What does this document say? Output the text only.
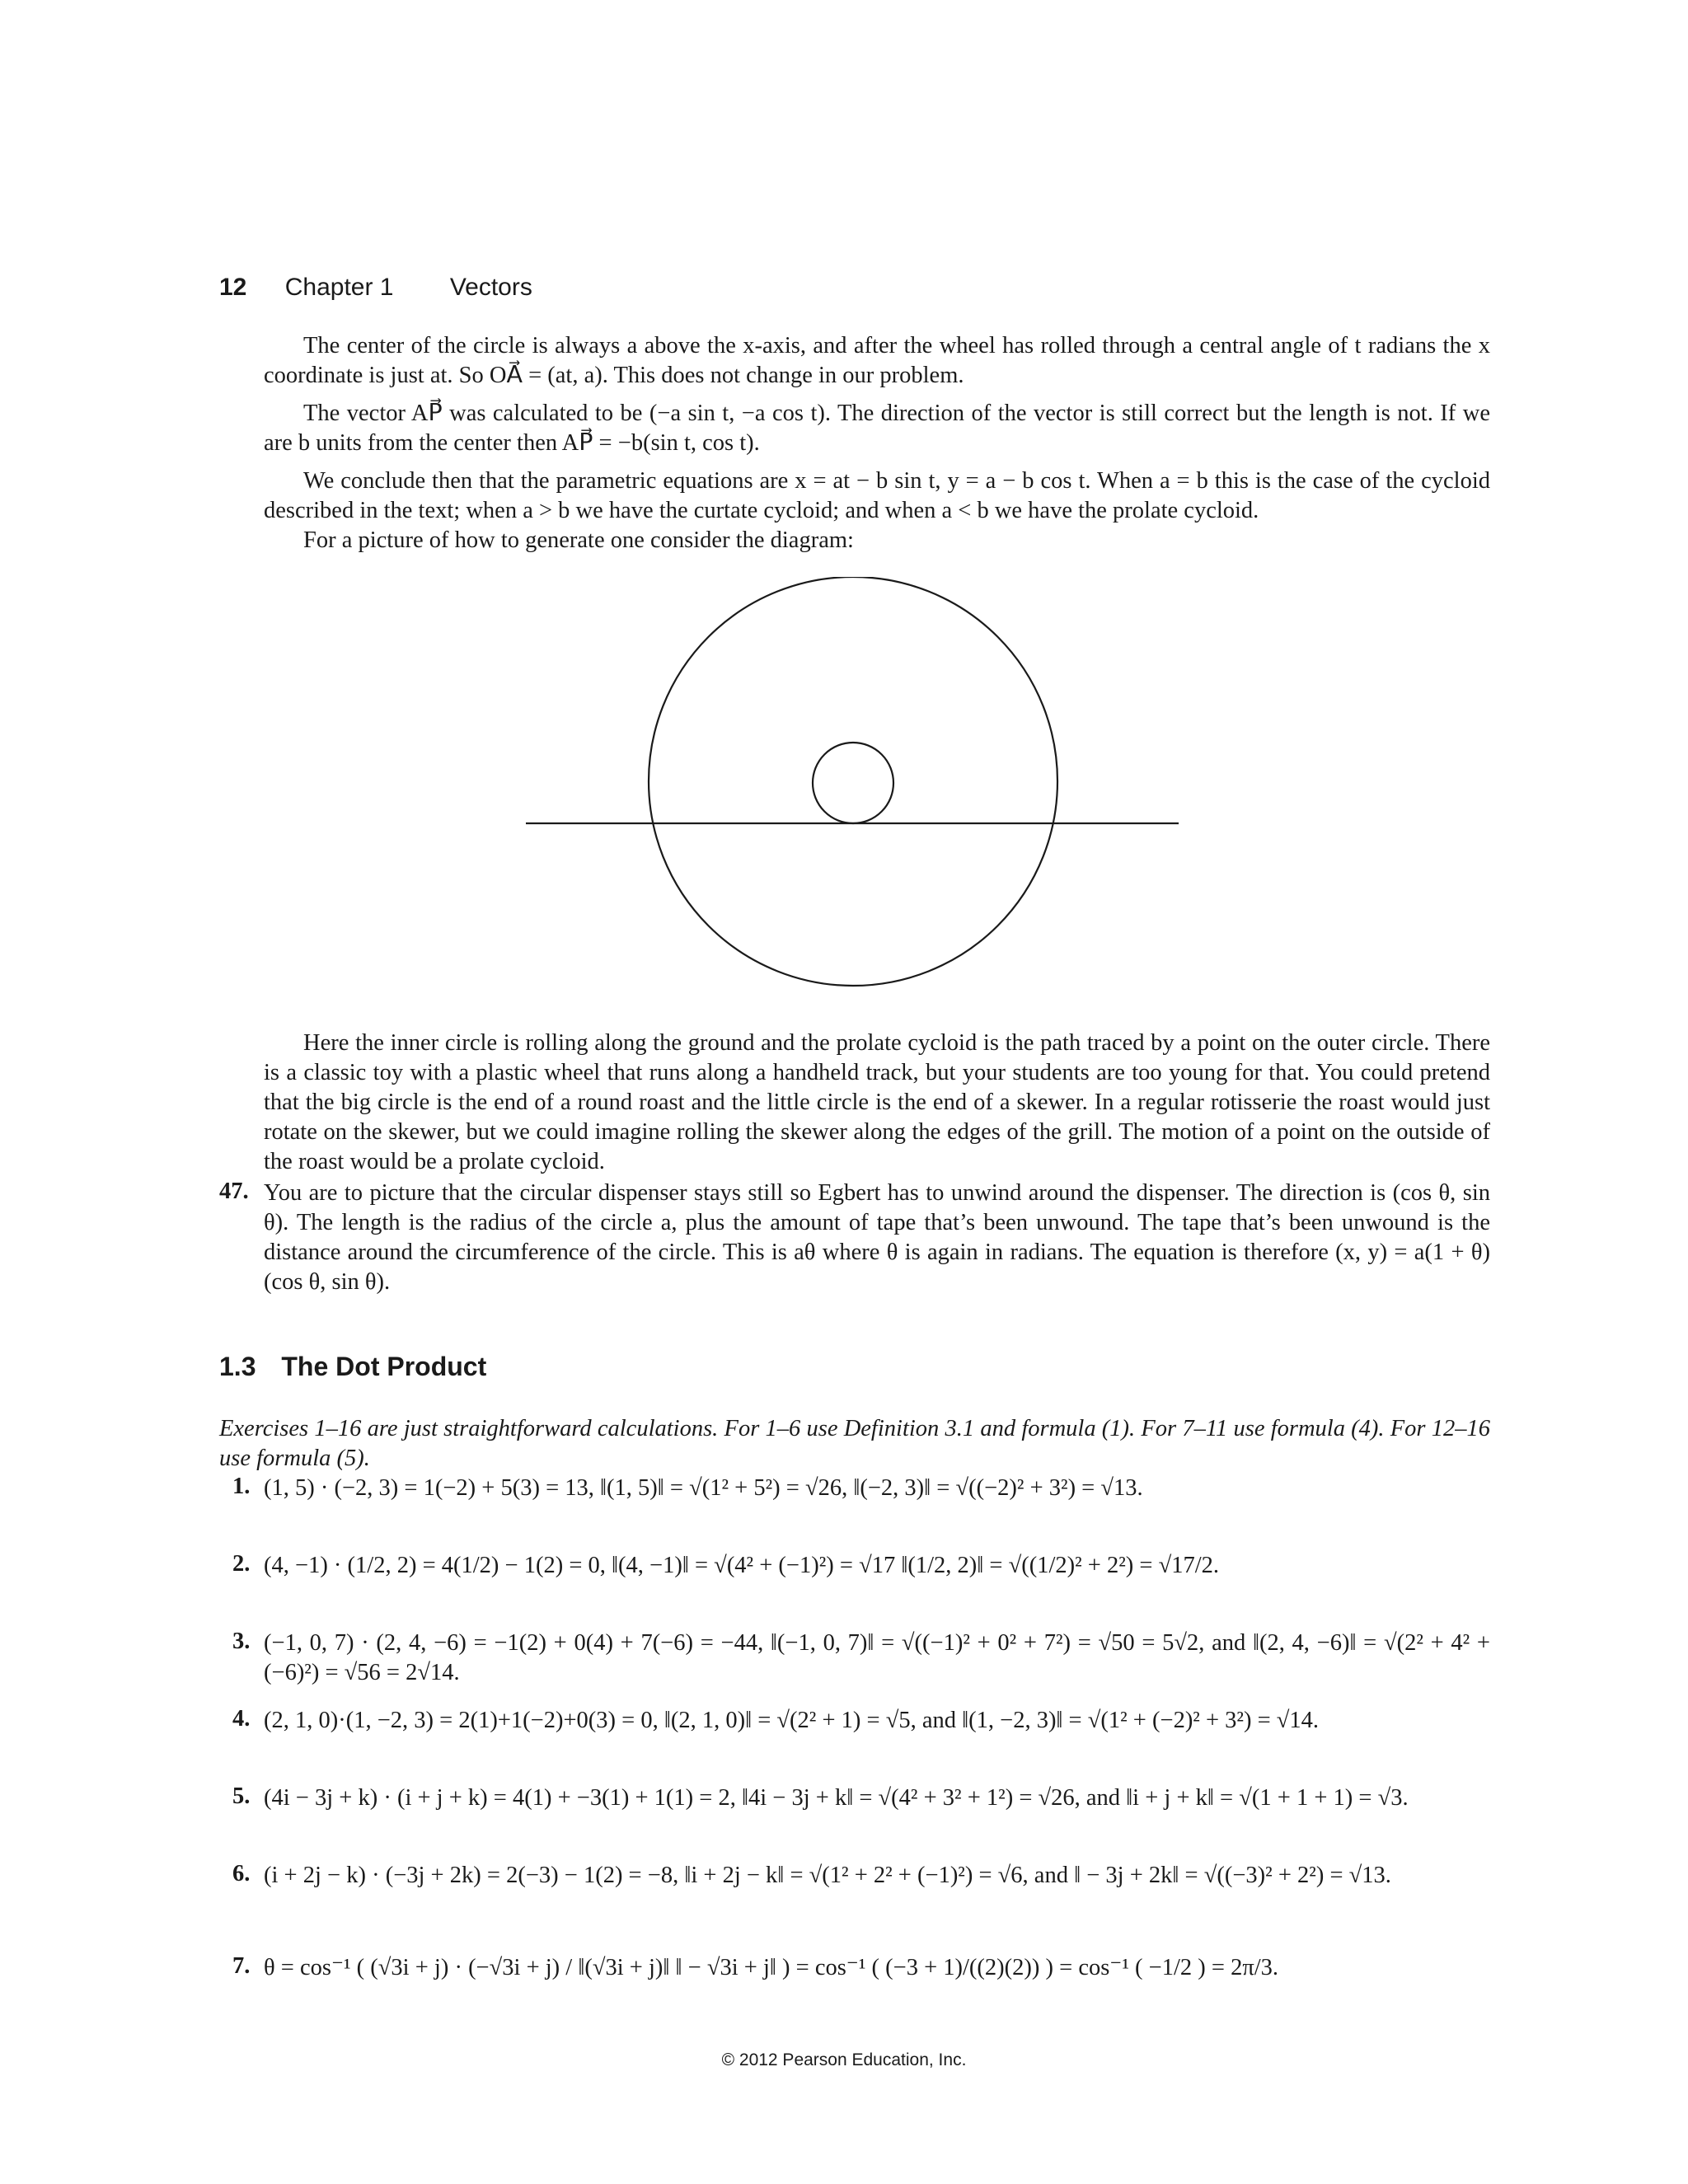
12 Chapter 1 Vectors
The center of the circle is always a above the x-axis, and after the wheel has rolled through a central angle of t radians the x coordinate is just at. So OA⃗ = (at, a). This does not change in our problem.
The vector AP⃗ was calculated to be (−a sin t, −a cos t). The direction of the vector is still correct but the length is not. If we are b units from the center then AP⃗ = −b(sin t, cos t).
We conclude then that the parametric equations are x = at − b sin t, y = a − b cos t. When a = b this is the case of the cycloid described in the text; when a > b we have the curtate cycloid; and when a < b we have the prolate cycloid.
For a picture of how to generate one consider the diagram:
Here the inner circle is rolling along the ground and the prolate cycloid is the path traced by a point on the outer circle. There is a classic toy with a plastic wheel that runs along a handheld track, but your students are too young for that. You could pretend that the big circle is the end of a round roast and the little circle is the end of a skewer. In a regular rotisserie the roast would just rotate on the skewer, but we could imagine rolling the skewer along the edges of the grill. The motion of a point on the outside of the roast would be a prolate cycloid.
47. You are to picture that the circular dispenser stays still so Egbert has to unwind around the dispenser. The direction is (cos θ, sin θ). The length is the radius of the circle a, plus the amount of tape that’s been unwound. The tape that’s been unwound is the distance around the circumference of the circle. This is aθ where θ is again in radians. The equation is therefore (x, y) = a(1 + θ)(cos θ, sin θ).
1.3 The Dot Product
Exercises 1–16 are just straightforward calculations. For 1–6 use Definition 3.1 and formula (1). For 7–11 use formula (4). For 12–16 use formula (5).
1. (1, 5) · (−2, 3) = 1(−2) + 5(3) = 13, ‖(1, 5)‖ = √(1² + 5²) = √26, ‖(−2, 3)‖ = √((−2)² + 3²) = √13.
2. (4, −1) · (1/2, 2) = 4(1/2) − 1(2) = 0, ‖(4, −1)‖ = √(4² + (−1)²) = √17 ‖(1/2, 2)‖ = √((1/2)² + 2²) = √17/2.
3. (−1, 0, 7) · (2, 4, −6) = −1(2) + 0(4) + 7(−6) = −44, ‖(−1, 0, 7)‖ = √((−1)² + 0² + 7²) = √50 = 5√2, and ‖(2, 4, −6)‖ = √(2² + 4² + (−6)²) = √56 = 2√14.
4. (2, 1, 0)·(1, −2, 3) = 2(1)+1(−2)+0(3) = 0, ‖(2, 1, 0)‖ = √(2² + 1) = √5, and ‖(1, −2, 3)‖ = √(1² + (−2)² + 3²) = √14.
5. (4i − 3j + k) · (i + j + k) = 4(1) + −3(1) + 1(1) = 2, ‖4i − 3j + k‖ = √(4² + 3² + 1²) = √26, and ‖i + j + k‖ = √(1 + 1 + 1) = √3.
6. (i + 2j − k) · (−3j + 2k) = 2(−3) − 1(2) = −8, ‖i + 2j − k‖ = √(1² + 2² + (−1)²) = √6, and ‖ − 3j + 2k‖ = √((−3)² + 2²) = √13.
7. θ = cos⁻¹ ( (√3i + j) · (−√3i + j) / ‖(√3i + j)‖ ‖ − √3i + j‖ ) = cos⁻¹ ( (−3 + 1)/((2)(2)) ) = cos⁻¹ ( −1/2 ) = 2π/3.
© 2012 Pearson Education, Inc.
